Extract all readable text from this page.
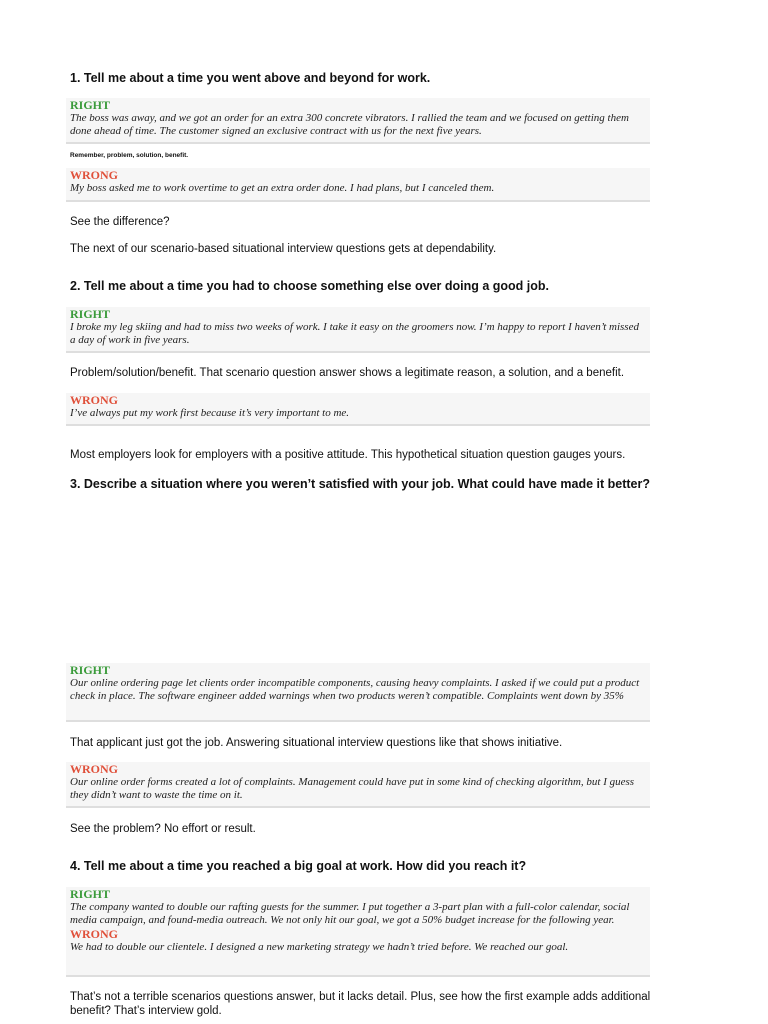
1. Tell me about a time you went above and beyond for work.
RIGHT
The boss was away, and we got an order for an extra 300 concrete vibrators. I rallied the team and we focused on getting them done ahead of time. The customer signed an exclusive contract with us for the next five years.

Remember, problem, solution, benefit.

WRONG
My boss asked me to work overtime to get an extra order done. I had plans, but I canceled them.

See the difference?

The next of our scenario-based situational interview questions gets at dependability.

2. Tell me about a time you had to choose something else over doing a good job.
RIGHT
I broke my leg skiing and had to miss two weeks of work. I take it easy on the groomers now. I’m happy to report I haven’t missed a day of work in five years.

Problem/solution/benefit. That scenario question answer shows a legitimate reason, a solution, and a benefit.

WRONG
I’ve always put my work first because it’s very important to me.

Most employers look for employers with a positive attitude. This hypothetical situation question gauges yours.

3. Describe a situation where you weren’t satisfied with your job. What could have made it better?
RIGHT
Our online ordering page let clients order incompatible components, causing heavy complaints. I asked if we could put a product check in place. The software engineer added warnings when two products weren’t compatible. Complaints went down by 35%

That applicant just got the job. Answering situational interview questions like that shows initiative.

WRONG
Our online order forms created a lot of complaints. Management could have put in some kind of checking algorithm, but I guess they didn’t want to waste the time on it.

See the problem? No effort or result.

4. Tell me about a time you reached a big goal at work. How did you reach it?
RIGHT
The company wanted to double our rafting guests for the summer. I put together a 3-part plan with a full-color calendar, social media campaign, and found-media outreach. We not only hit our goal, we got a 50% budget increase for the following year.
WRONG
We had to double our clientele. I designed a new marketing strategy we hadn’t tried before. We reached our goal.

That’s not a terrible scenarios questions answer, but it lacks detail. Plus, see how the first example adds additional benefit? That’s interview gold.
